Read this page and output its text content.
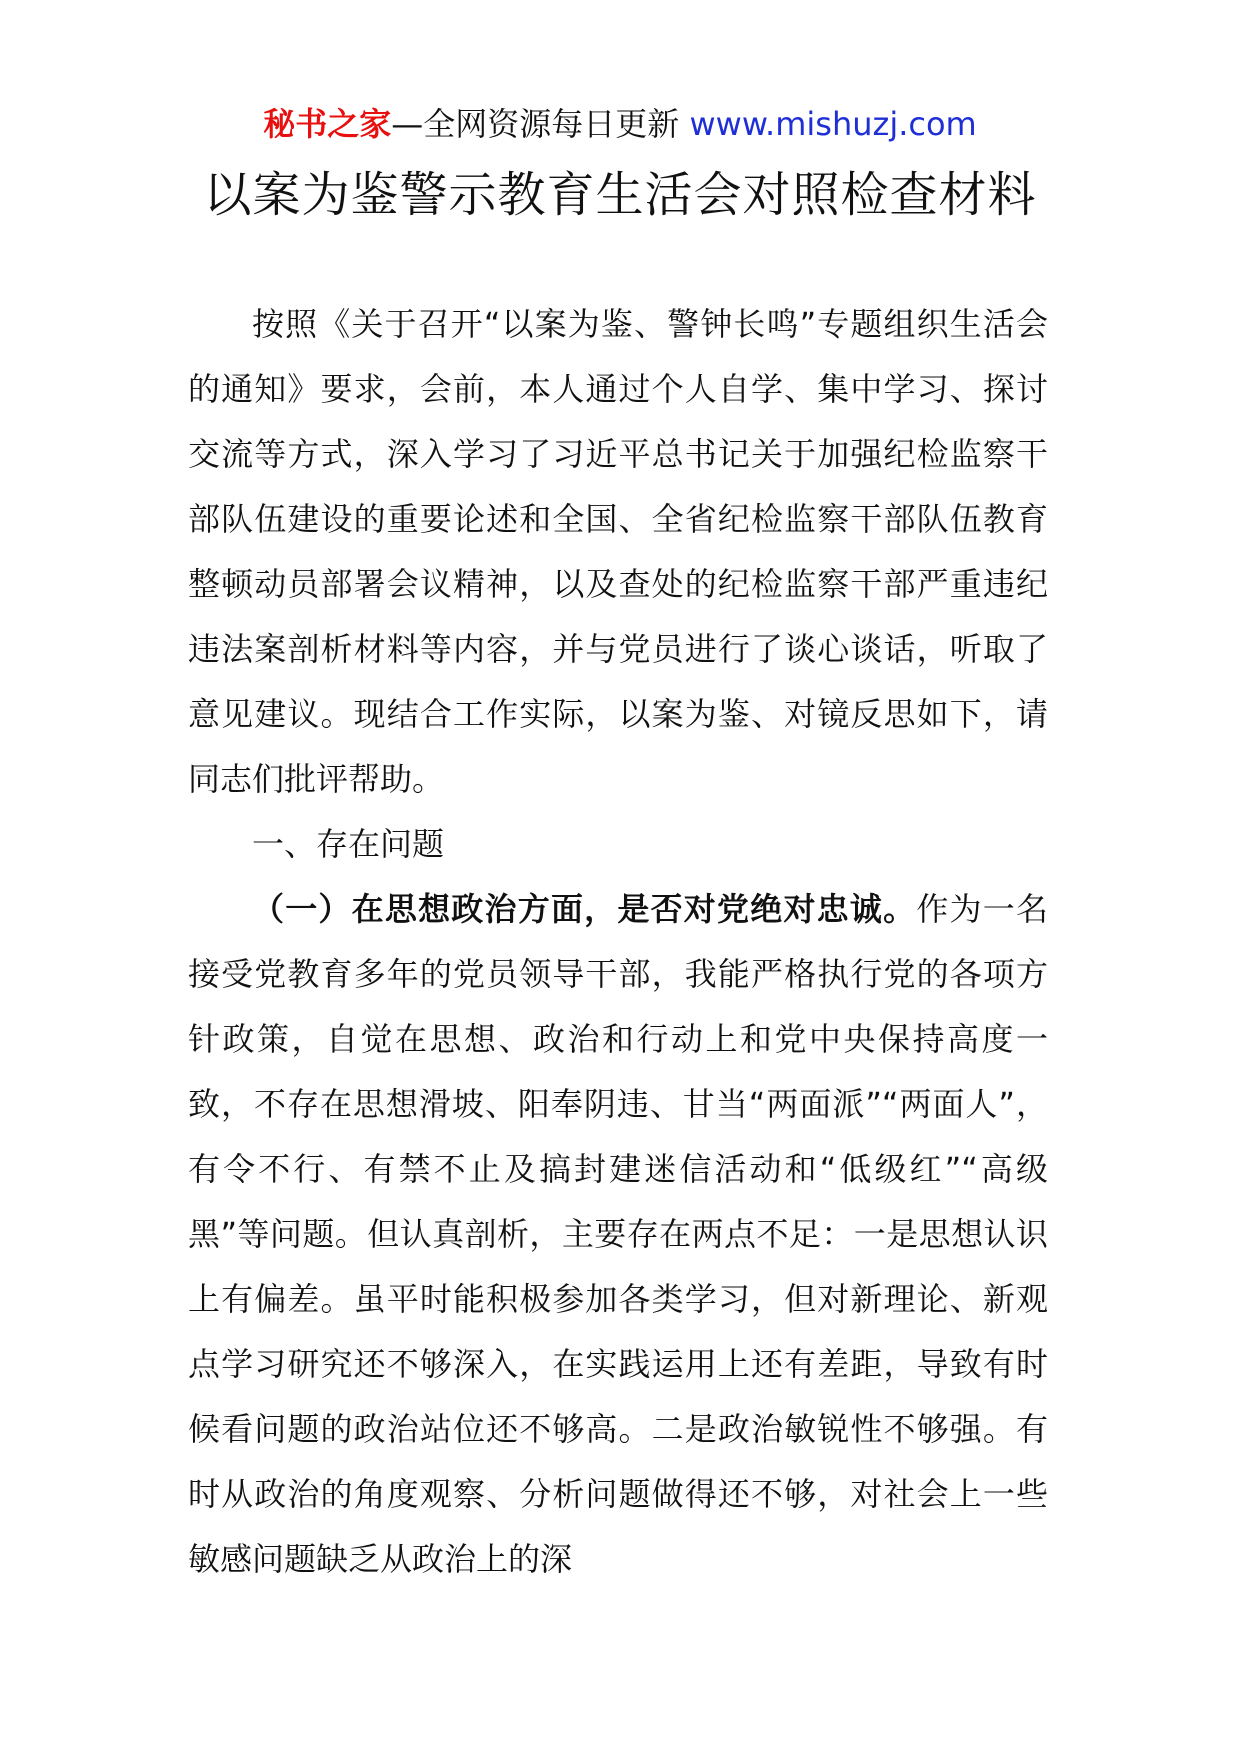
秘书之家—全网资源每日更新 www.mishuzj.com
以案为鉴警示教育生活会对照检查材料

按照《关于召开“以案为鉴、警钟长鸣”专题组织生活会的通知》要求，会前，本人通过个人自学、集中学习、探讨交流等方式，深入学习了习近平总书记关于加强纪检监察干部队伍建设的重要论述和全国、全省纪检监察干部队伍教育整顿动员部署会议精神，以及查处的纪检监察干部严重违纪违法案剖析材料等内容，并与党员进行了谈心谈话，听取了意见建议。现结合工作实际，以案为鉴、对镜反思如下，请同志们批评帮助。

一、存在问题

（一）在思想政治方面，是否对党绝对忠诚。作为一名接受党教育多年的党员领导干部，我能严格执行党的各项方针政策，自觉在思想、政治和行动上和党中央保持高度一致，不存在思想滑坡、阳奉阴违、甘当“两面派”“两面人”，有令不行、有禁不止及搞封建迷信活动和“低级红”“高级黑”等问题。但认真剖析，主要存在两点不足：一是思想认识上有偏差。虽平时能积极参加各类学习，但对新理论、新观点学习研究还不够深入，在实践运用上还有差距，导致有时候看问题的政治站位还不够高。二是政治敏锐性不够强。有时从政治的角度观察、分析问题做得还不够，对社会上一些敏感问题缺乏从政治上的深
